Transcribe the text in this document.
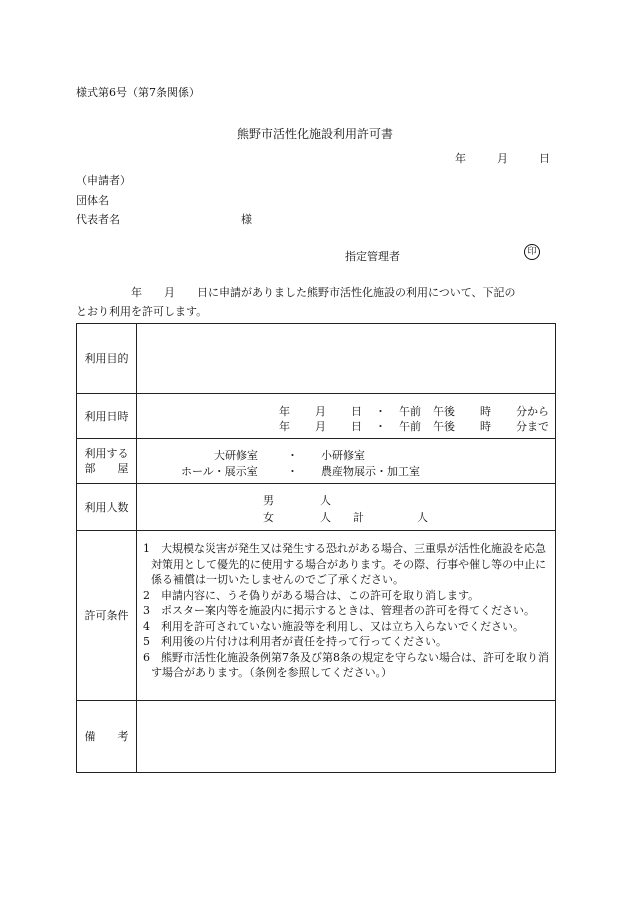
様式第6号（第7条関係）
熊野市活性化施設利用許可書
年	月	日
（申請者）
団体名
代表者名	様
指定管理者	印
　　　　　年　　月　　日に申請がありました熊野市活性化施設の利用について、下記の
とおり利用を許可します。
利用目的
利用日時	年 月 日 ・ 午前 午後 時 分から
年 月 日 ・ 午前 午後 時 分まで
利用する
部　　屋
大研修室	・ 小研修室
ホール・展示室	・ 農産物展示・加工室
利用人数	男	人
女	人 計	人
許可条件
1　大規模な災害が発生又は発生する恐れがある場合、三重県が活性化施設を応急対策用として優先的に使用する場合があります。その際、行事や催し等の中止に係る補償は一切いたしませんのでご了承ください。
2　申請内容に、うそ偽りがある場合は、この許可を取り消します。
3　ポスター案内等を施設内に掲示するときは、管理者の許可を得てください。
4　利用を許可されていない施設等を利用し、又は立ち入らないでください。
5　利用後の片付けは利用者が責任を持って行ってください。
6　熊野市活性化施設条例第7条及び第8条の規定を守らない場合は、許可を取り消す場合があります。（条例を参照してください。）
備　　考
